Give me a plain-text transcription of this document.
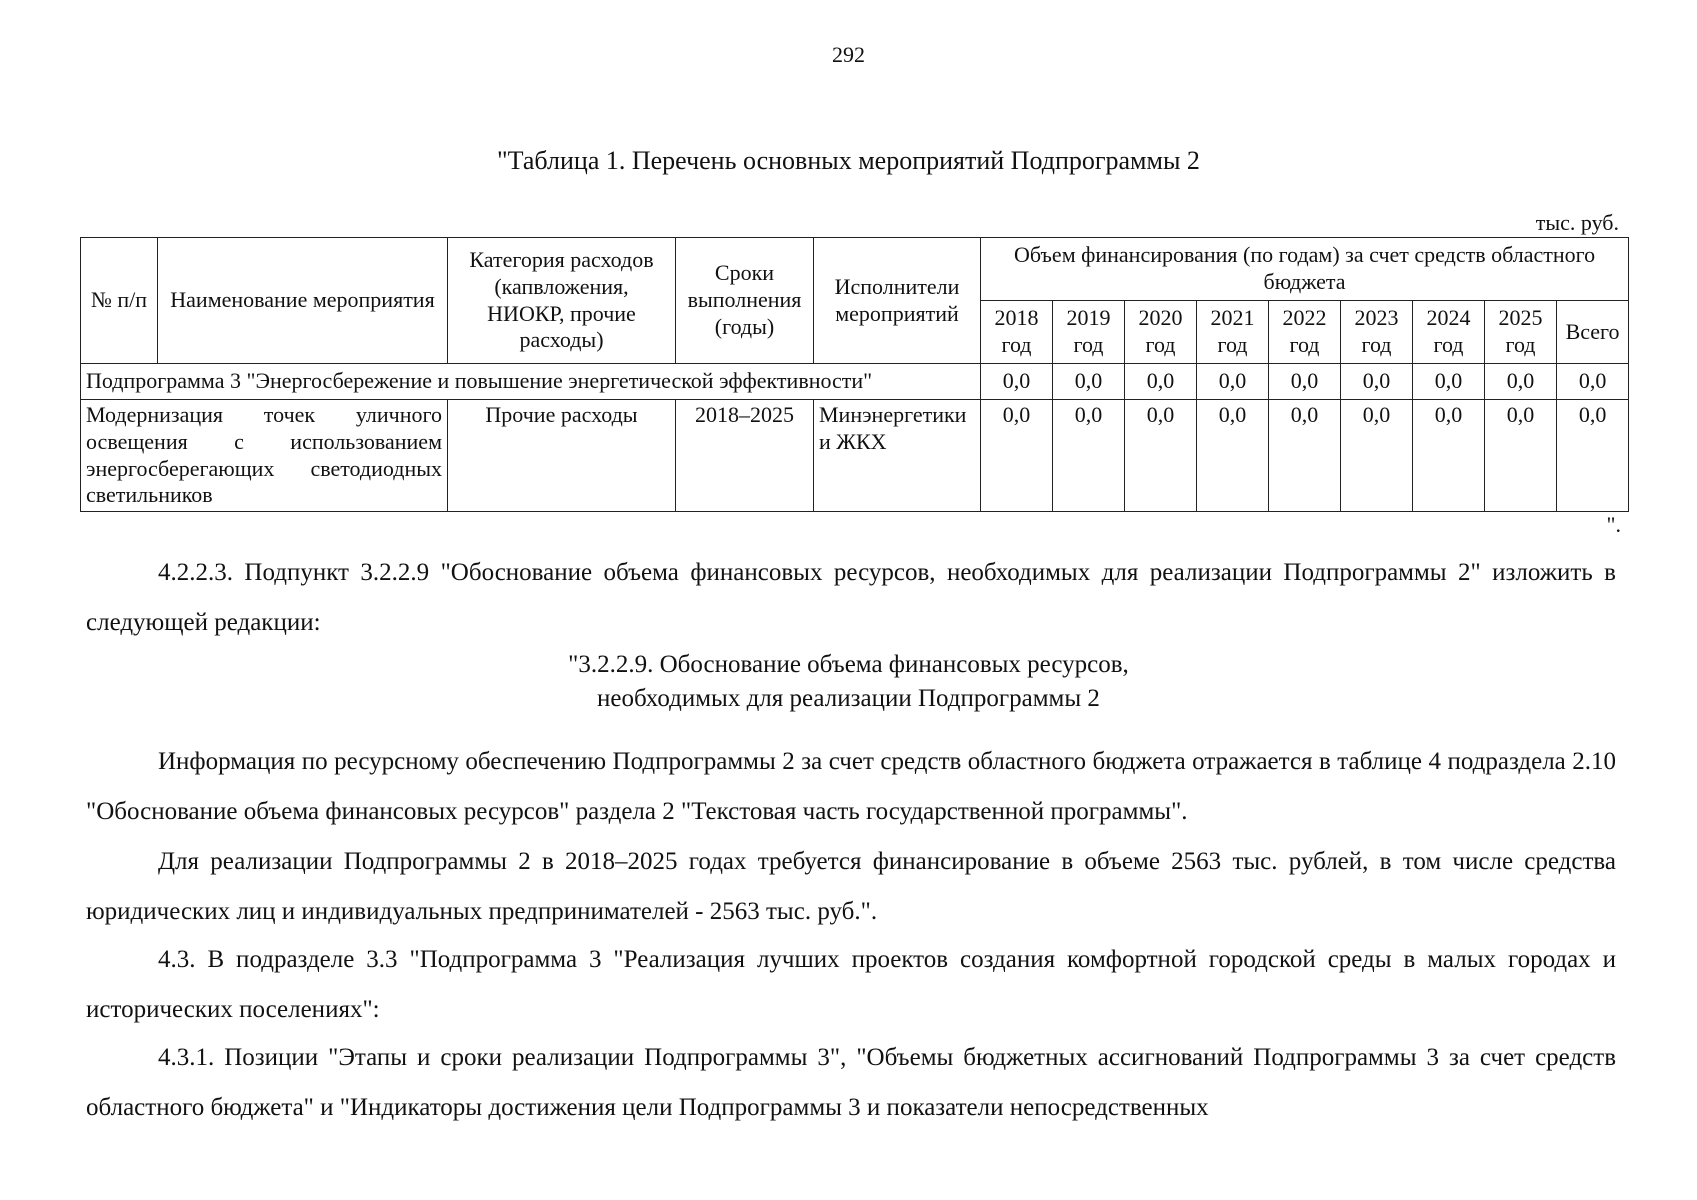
292
"Таблица 1. Перечень основных мероприятий Подпрограммы 2
тыс. руб.
№ п/п	Наименование мероприятия	Категория расходов (капвложения, НИОКР, прочие расходы)	Сроки выполнения (годы)	Исполнители мероприятий	Объем финансирования (по годам) за счет средств областного бюджета								
					2018 год	2019 год	2020 год	2021 год	2022 год	2023 год	2024 год	2025 год	Всего
Подпрограмма 3 "Энергосбережение и повышение энергетической эффективности"					0,0	0,0	0,0	0,0	0,0	0,0	0,0	0,0	0,0
Модернизация точек уличного освещения с использованием энергосберегающих светодиодных светильников		Прочие расходы	2018–2025	Минэнергетики и ЖКХ	0,0	0,0	0,0	0,0	0,0	0,0	0,0	0,0	0,0
".

4.2.2.3. Подпункт 3.2.2.9 "Обоснование объема финансовых ресурсов, необходимых для реализации Подпрограммы 2" изложить в следующей редакции:

"3.2.2.9. Обоснование объема финансовых ресурсов,
необходимых для реализации Подпрограммы 2

Информация по ресурсному обеспечению Подпрограммы 2 за счет средств областного бюджета отражается в таблице 4 подраздела 2.10 "Обоснование объема финансовых ресурсов" раздела 2 "Текстовая часть государственной программы".

Для реализации Подпрограммы 2 в 2018–2025 годах требуется финансирование в объеме 2563 тыс. рублей, в том числе средства юридических лиц и индивидуальных предпринимателей - 2563 тыс. руб.".

4.3. В подразделе 3.3 "Подпрограмма 3 "Реализация лучших проектов создания комфортной городской среды в малых городах и исторических поселениях":

4.3.1. Позиции "Этапы и сроки реализации Подпрограммы 3", "Объемы бюджетных ассигнований Подпрограммы 3 за счет средств областного бюджета" и "Индикаторы достижения цели Подпрограммы 3 и показатели непосредственных
